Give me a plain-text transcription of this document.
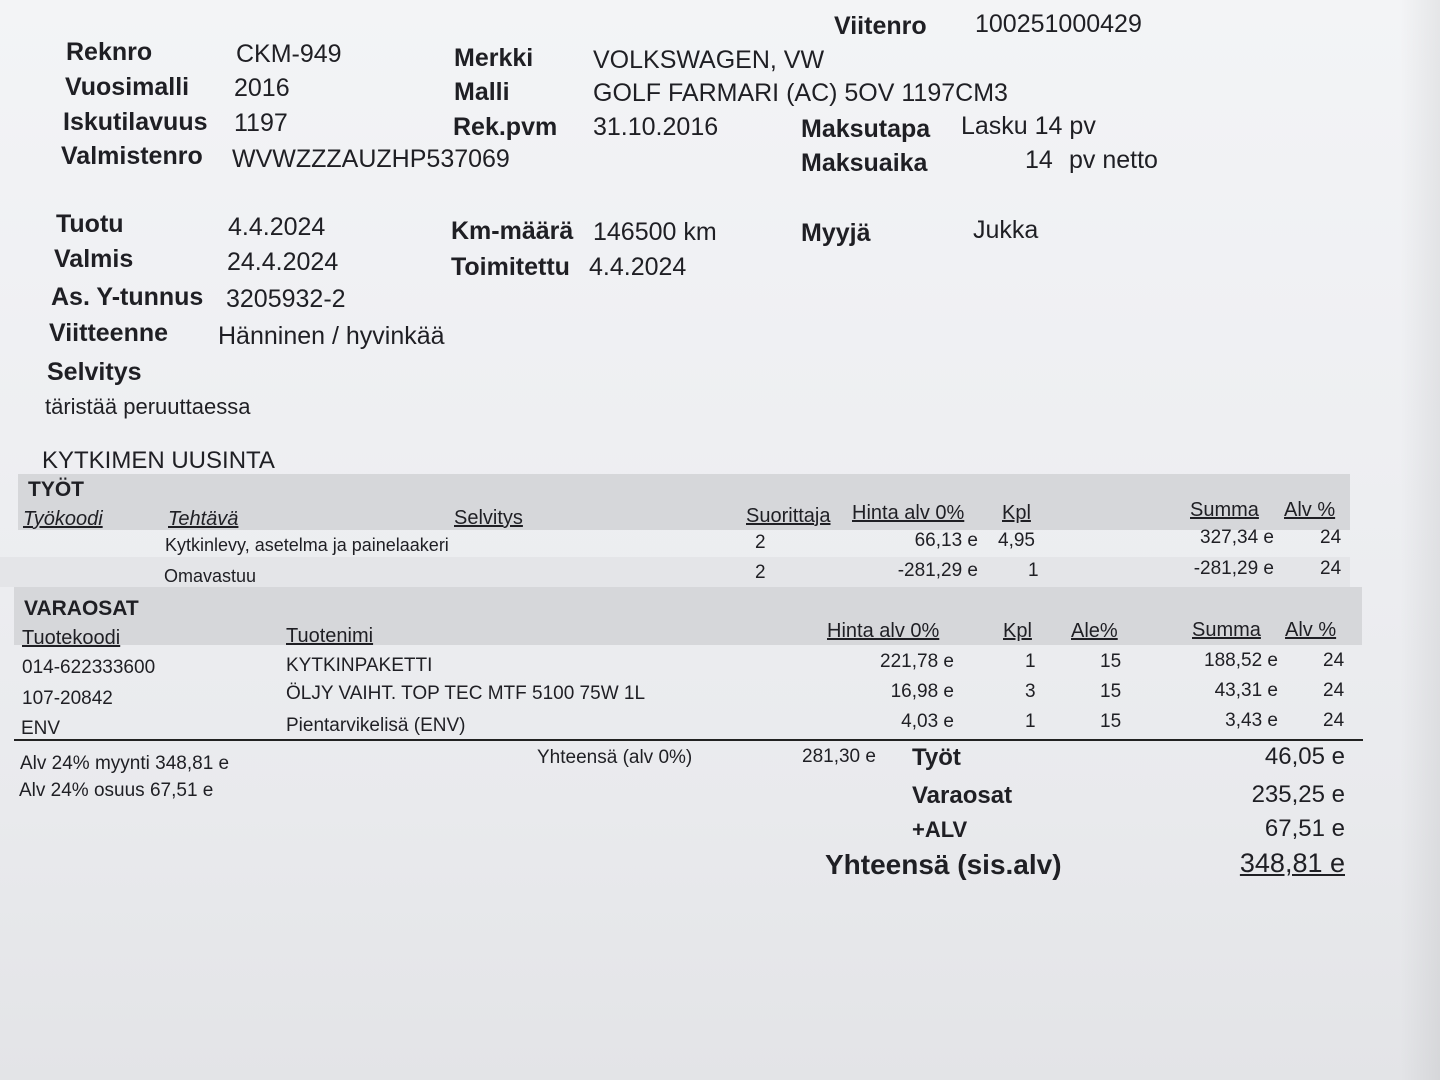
Viitenro 100251000429
Reknro	CKM-949
Vuosimalli 2016
Iskutilavuus 1197
Valmistenro WVWZZZAUZHP537069
Merkki VOLKSWAGEN, VW
Malli	GOLF FARMARI (AC) 5OV 1197CM3
Rek.pvm 31.10.2016	Maksutapa Lasku 14 pv
Maksuaika	14 pv netto
Tuotu	4.4.2024
Valmis	24.4.2024
As. Y-tunnus 3205932-2
Viitteenne Hänninen / hyvinkää
Km-määrä 146500 km
Toimitettu 4.4.2024
Myyjä	Jukka
Selvitys
täristää peruuttaessa
KYTKIMEN UUSINTA
TYÖT
Työkoodi	Tehtävä	Selvitys	Suorittaja Hinta alv 0% Kpl	Summa Alv %
Kytkinlevy, asetelma ja painelaakeri	2	66,13 e 4,95	327,34 e 24
Omavastuu	2	-281,29 e	1	-281,29 e 24
VARAOSAT
Tuotekoodi	Tuotenimi	Hinta alv 0%	Kpl Ale%	Summa Alv %
014-622333600	KYTKINPAKETTI	221,78 e	1	15	188,52 e 24
107-20842	ÖLJY VAIHT. TOP TEC MTF 5100 75W 1L	16,98 e	3	15	43,31 e 24
ENV	Pientarvikelisä (ENV)	4,03 e	1	15	3,43 e 24
Alv 24% myynti 348,81 e
Alv 24% osuus 67,51 e
Yhteensä (alv 0%)	281,30 e Työt	46,05 e
Varaosat	235,25 e
+ALV	67,51 e
Yhteensä (sis.alv)	348,81 e
